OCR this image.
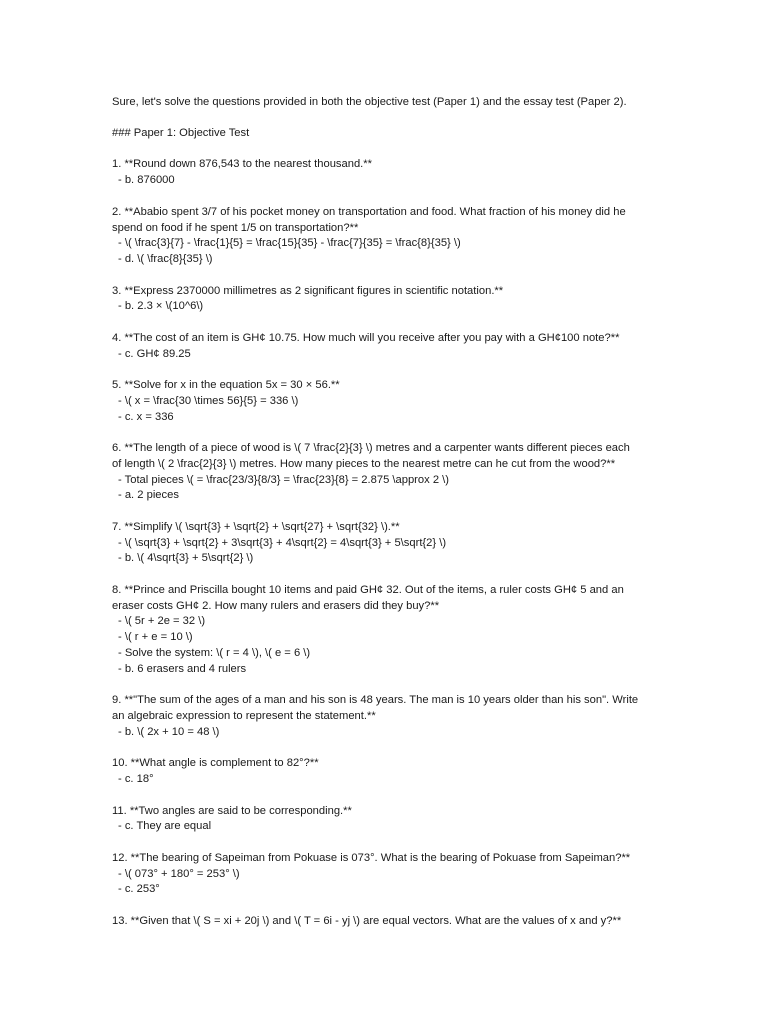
Sure, let's solve the questions provided in both the objective test (Paper 1) and the essay test (Paper 2).
### Paper 1: Objective Test
1. **Round down 876,543 to the nearest thousand.**
- b. 876000
2. **Ababio spent 3/7 of his pocket money on transportation and food. What fraction of his money did he
spend on food if he spent 1/5 on transportation?**
- \( \frac{3}{7} - \frac{1}{5} = \frac{15}{35} - \frac{7}{35} = \frac{8}{35} \)
- d. \( \frac{8}{35} \)
3. **Express 2370000 millimetres as 2 significant figures in scientific notation.**
- b. 2.3 × \(10^6\)
4. **The cost of an item is GH¢ 10.75. How much will you receive after you pay with a GH¢100 note?**
- c. GH¢ 89.25
5. **Solve for x in the equation 5x = 30 × 56.**
- \( x = \frac{30 \times 56}{5} = 336 \)
- c. x = 336
6. **The length of a piece of wood is \( 7 \frac{2}{3} \) metres and a carpenter wants different pieces each
of length \( 2 \frac{2}{3} \) metres. How many pieces to the nearest metre can he cut from the wood?**
- Total pieces \( = \frac{23/3}{8/3} = \frac{23}{8} = 2.875 \approx 2 \)
- a. 2 pieces
7. **Simplify \( \sqrt{3} + \sqrt{2} + \sqrt{27} + \sqrt{32} \).**
- \( \sqrt{3} + \sqrt{2} + 3\sqrt{3} + 4\sqrt{2} = 4\sqrt{3} + 5\sqrt{2} \)
- b. \( 4\sqrt{3} + 5\sqrt{2} \)
8. **Prince and Priscilla bought 10 items and paid GH¢ 32. Out of the items, a ruler costs GH¢ 5 and an
eraser costs GH¢ 2. How many rulers and erasers did they buy?**
- \( 5r + 2e = 32 \)
- \( r + e = 10 \)
- Solve the system: \( r = 4 \), \( e = 6 \)
- b. 6 erasers and 4 rulers
9. **"The sum of the ages of a man and his son is 48 years. The man is 10 years older than his son". Write
an algebraic expression to represent the statement.**
- b. \( 2x + 10 = 48 \)
10. **What angle is complement to 82°?**
- c. 18°
11. **Two angles are said to be corresponding.**
- c. They are equal
12. **The bearing of Sapeiman from Pokuase is 073°. What is the bearing of Pokuase from Sapeiman?**
- \( 073° + 180° = 253° \)
- c. 253°
13. **Given that \( S = xi + 20j \) and \( T = 6i - yj \) are equal vectors. What are the values of x and y?**
